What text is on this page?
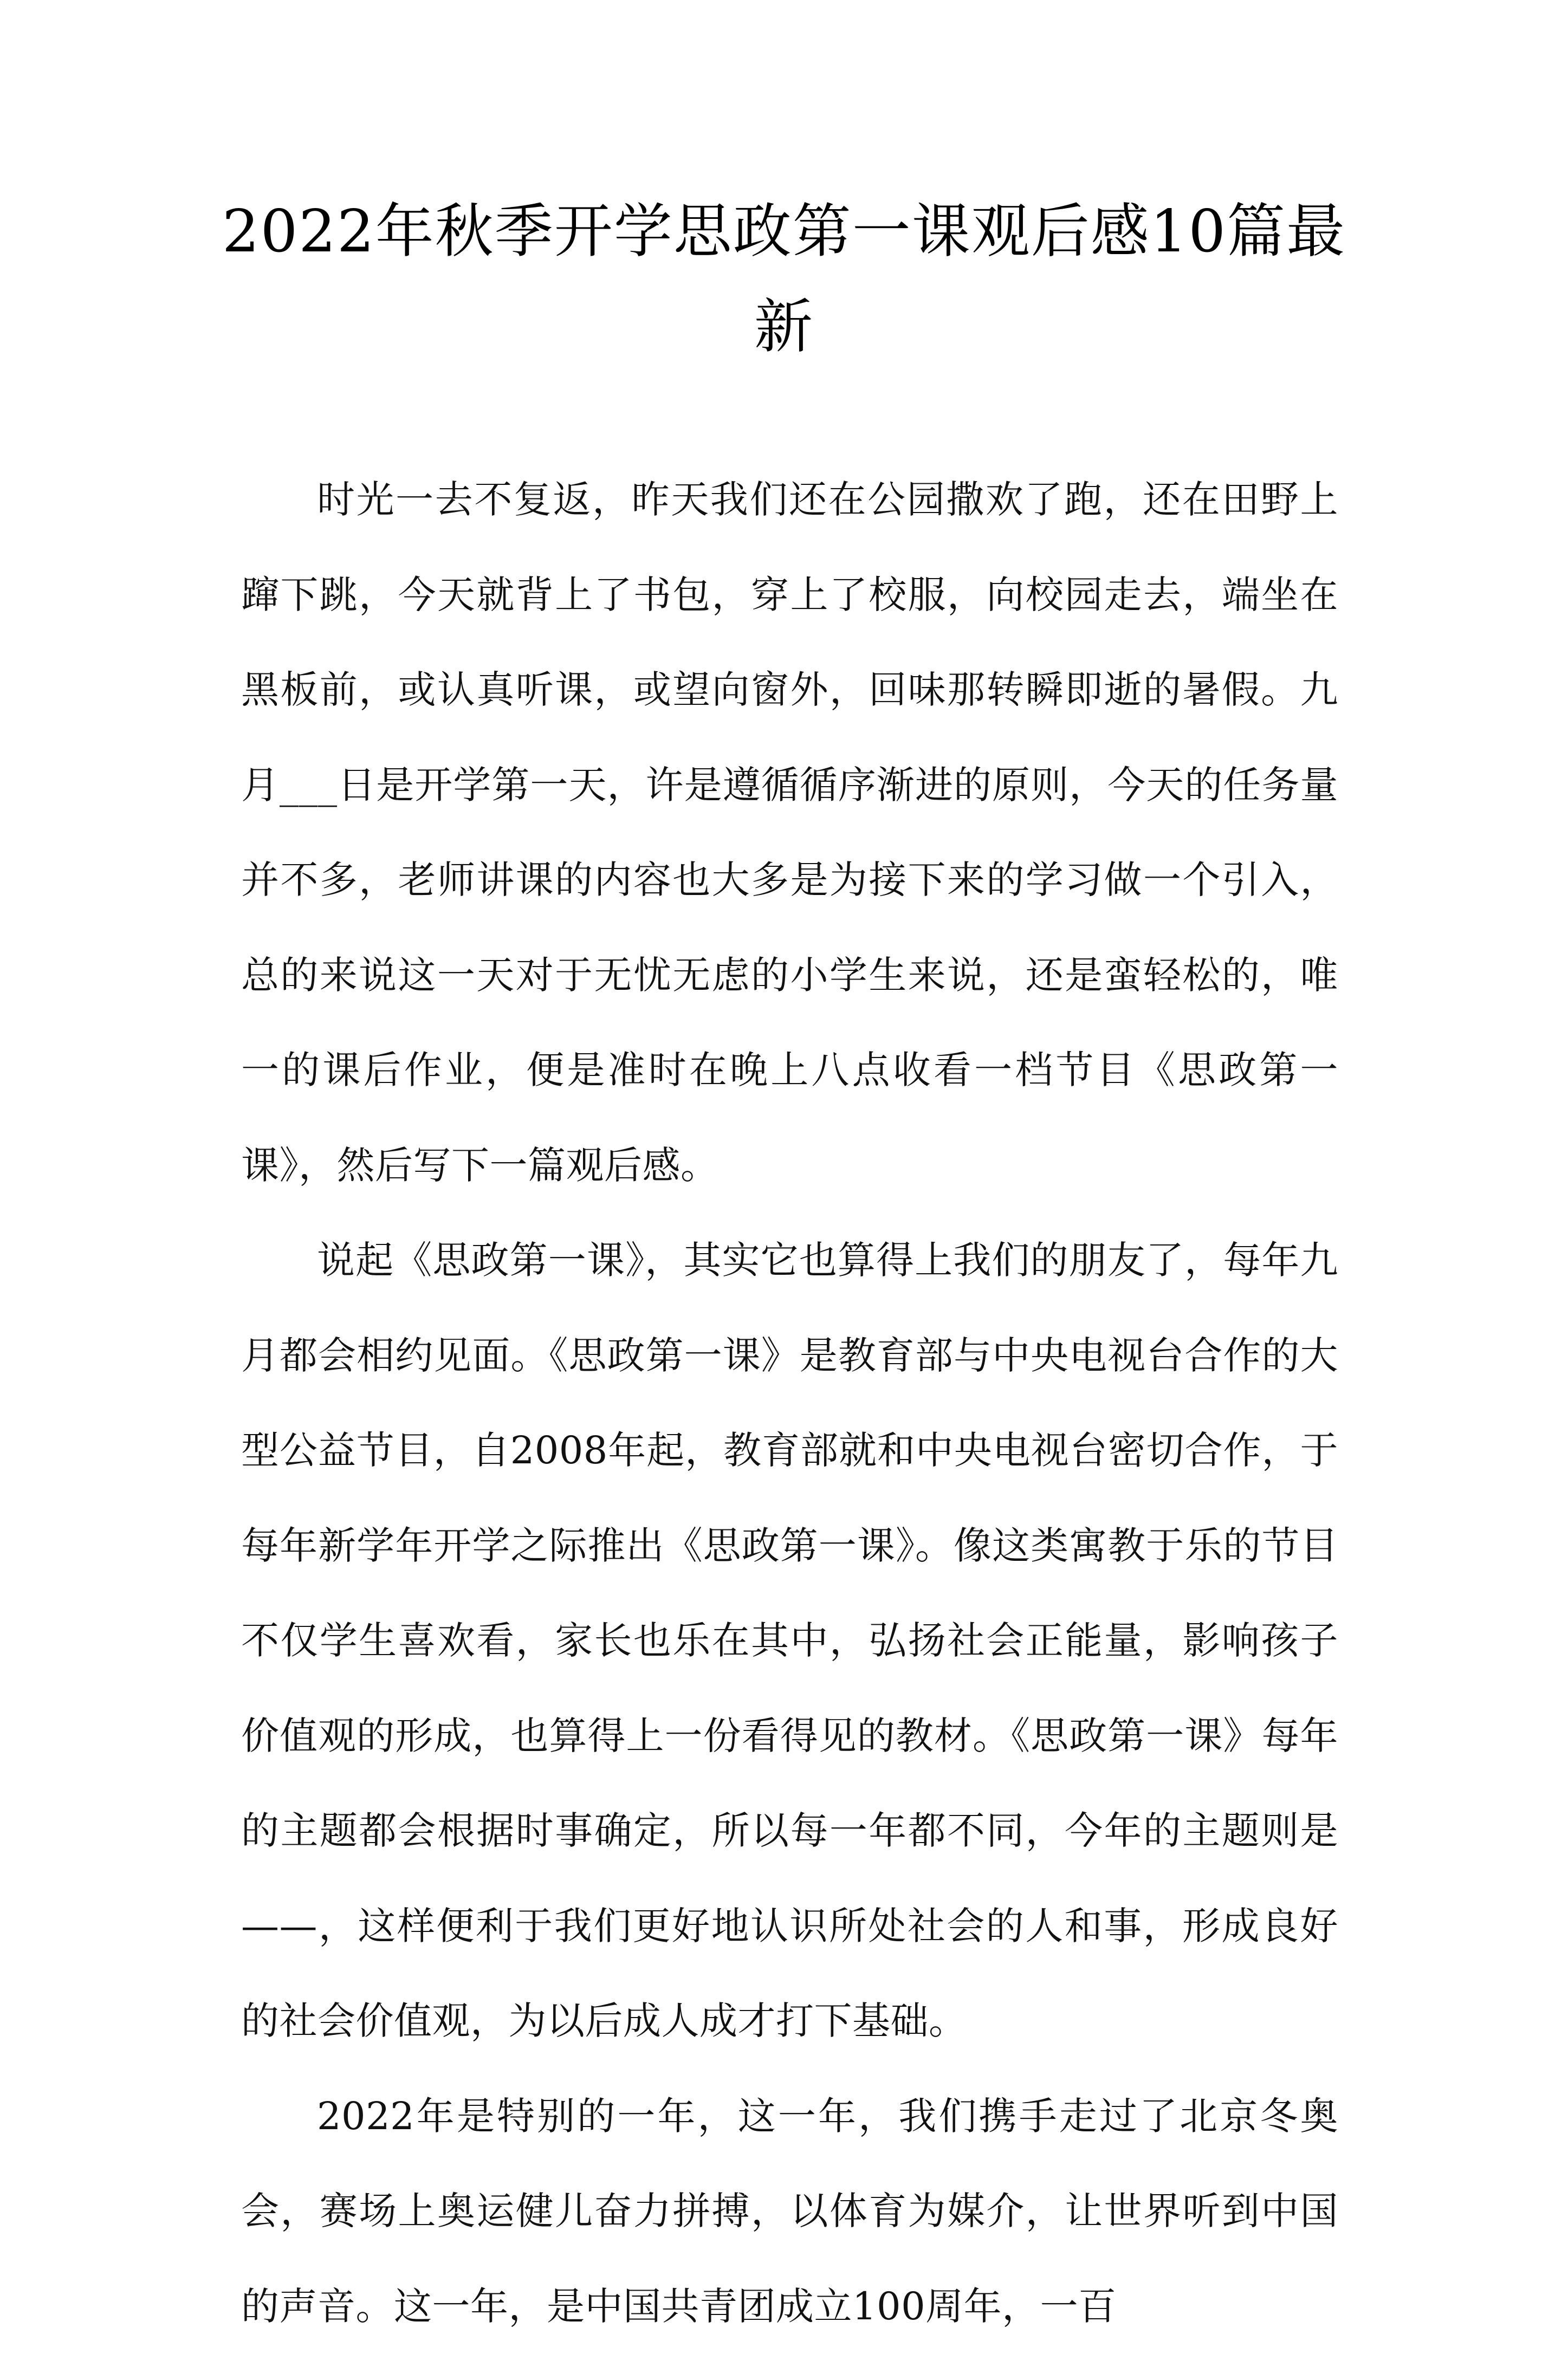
2022年秋季开学思政第一课观后感10篇最新

时光一去不复返，昨天我们还在公园撒欢了跑，还在田野上蹿下跳，今天就背上了书包，穿上了校服，向校园走去，端坐在黑板前，或认真听课，或望向窗外，回味那转瞬即逝的暑假。九月___日是开学第一天，许是遵循循序渐进的原则，今天的任务量并不多，老师讲课的内容也大多是为接下来的学习做一个引入，总的来说这一天对于无忧无虑的小学生来说，还是蛮轻松的，唯一的课后作业，便是准时在晚上八点收看一档节目《思政第一课》，然后写下一篇观后感。

说起《思政第一课》，其实它也算得上我们的朋友了，每年九月都会相约见面。《思政第一课》是教育部与中央电视台合作的大型公益节目，自2008年起，教育部就和中央电视台密切合作，于每年新学年开学之际推出《思政第一课》。像这类寓教于乐的节目不仅学生喜欢看，家长也乐在其中，弘扬社会正能量，影响孩子价值观的形成，也算得上一份看得见的教材。《思政第一课》每年的主题都会根据时事确定，所以每一年都不同，今年的主题则是——，这样便利于我们更好地认识所处社会的人和事，形成良好的社会价值观，为以后成人成才打下基础。

2022年是特别的一年，这一年，我们携手走过了北京冬奥会，赛场上奥运健儿奋力拼搏，以体育为媒介，让世界听到中国的声音。这一年，是中国共青团成立100周年，一百
